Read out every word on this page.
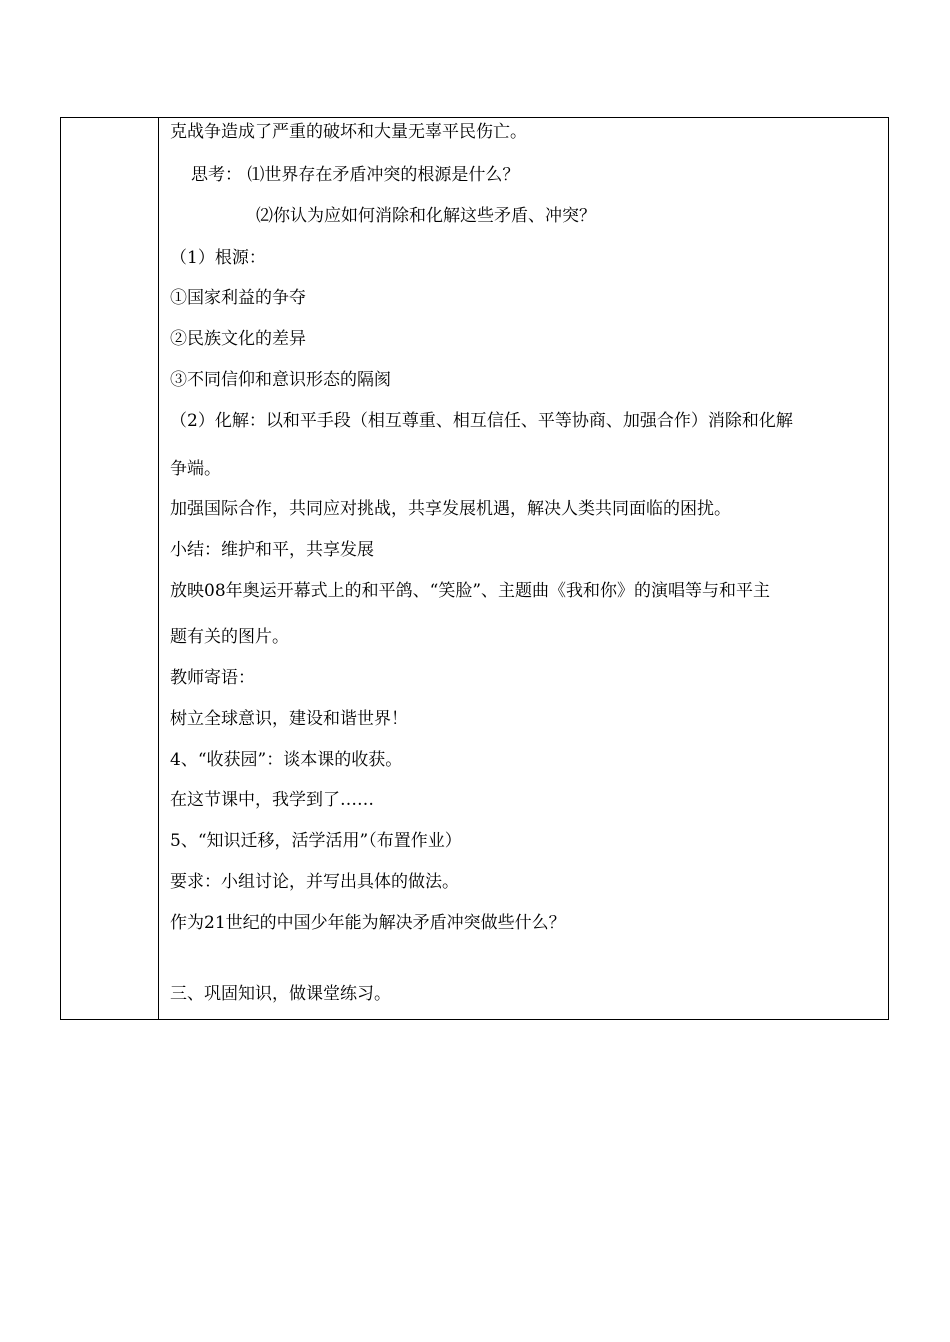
克战争造成了严重的破坏和大量无辜平民伤亡。
思考： ⑴世界存在矛盾冲突的根源是什么？
⑵你认为应如何消除和化解这些矛盾、冲突？
（1）根源：
①国家利益的争夺
②民族文化的差异
③不同信仰和意识形态的隔阂
（2）化解：以和平手段（相互尊重、相互信任、平等协商、加强合作）消除和化解
争端。
加强国际合作，共同应对挑战，共享发展机遇，解决人类共同面临的困扰。
小结：维护和平，共享发展
放映08年奥运开幕式上的和平鸽、“笑脸”、主题曲《我和你》的演唱等与和平主
题有关的图片。
教师寄语：
树立全球意识，建设和谐世界！
4、“收获园”：谈本课的收获。
在这节课中，我学到了……
5、“知识迁移，活学活用”（布置作业）
要求：小组讨论，并写出具体的做法。
作为21世纪的中国少年能为解决矛盾冲突做些什么？
三、巩固知识，做课堂练习。
